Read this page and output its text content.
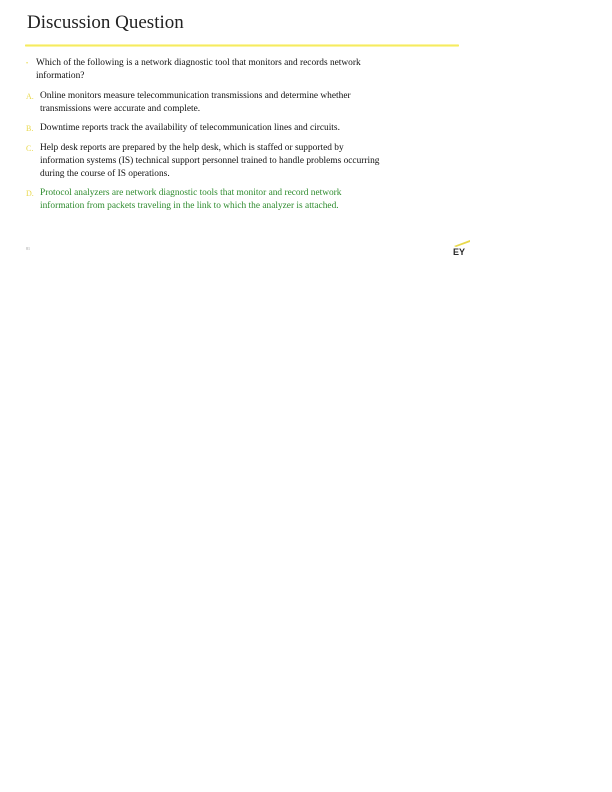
Discussion Question
• Which of the following is a network diagnostic tool that monitors and records network
information?
A. Online monitors measure telecommunication transmissions and determine whether
transmissions were accurate and complete.
B. Downtime reports track the availability of telecommunication lines and circuits.
C. Help desk reports are prepared by the help desk, which is staffed or supported by
information systems (IS) technical support personnel trained to handle problems occurring
during the course of IS operations.
D. Protocol analyzers are network diagnostic tools that monitor and record network
information from packets traveling in the link to which the analyzer is attached.
81	EY
